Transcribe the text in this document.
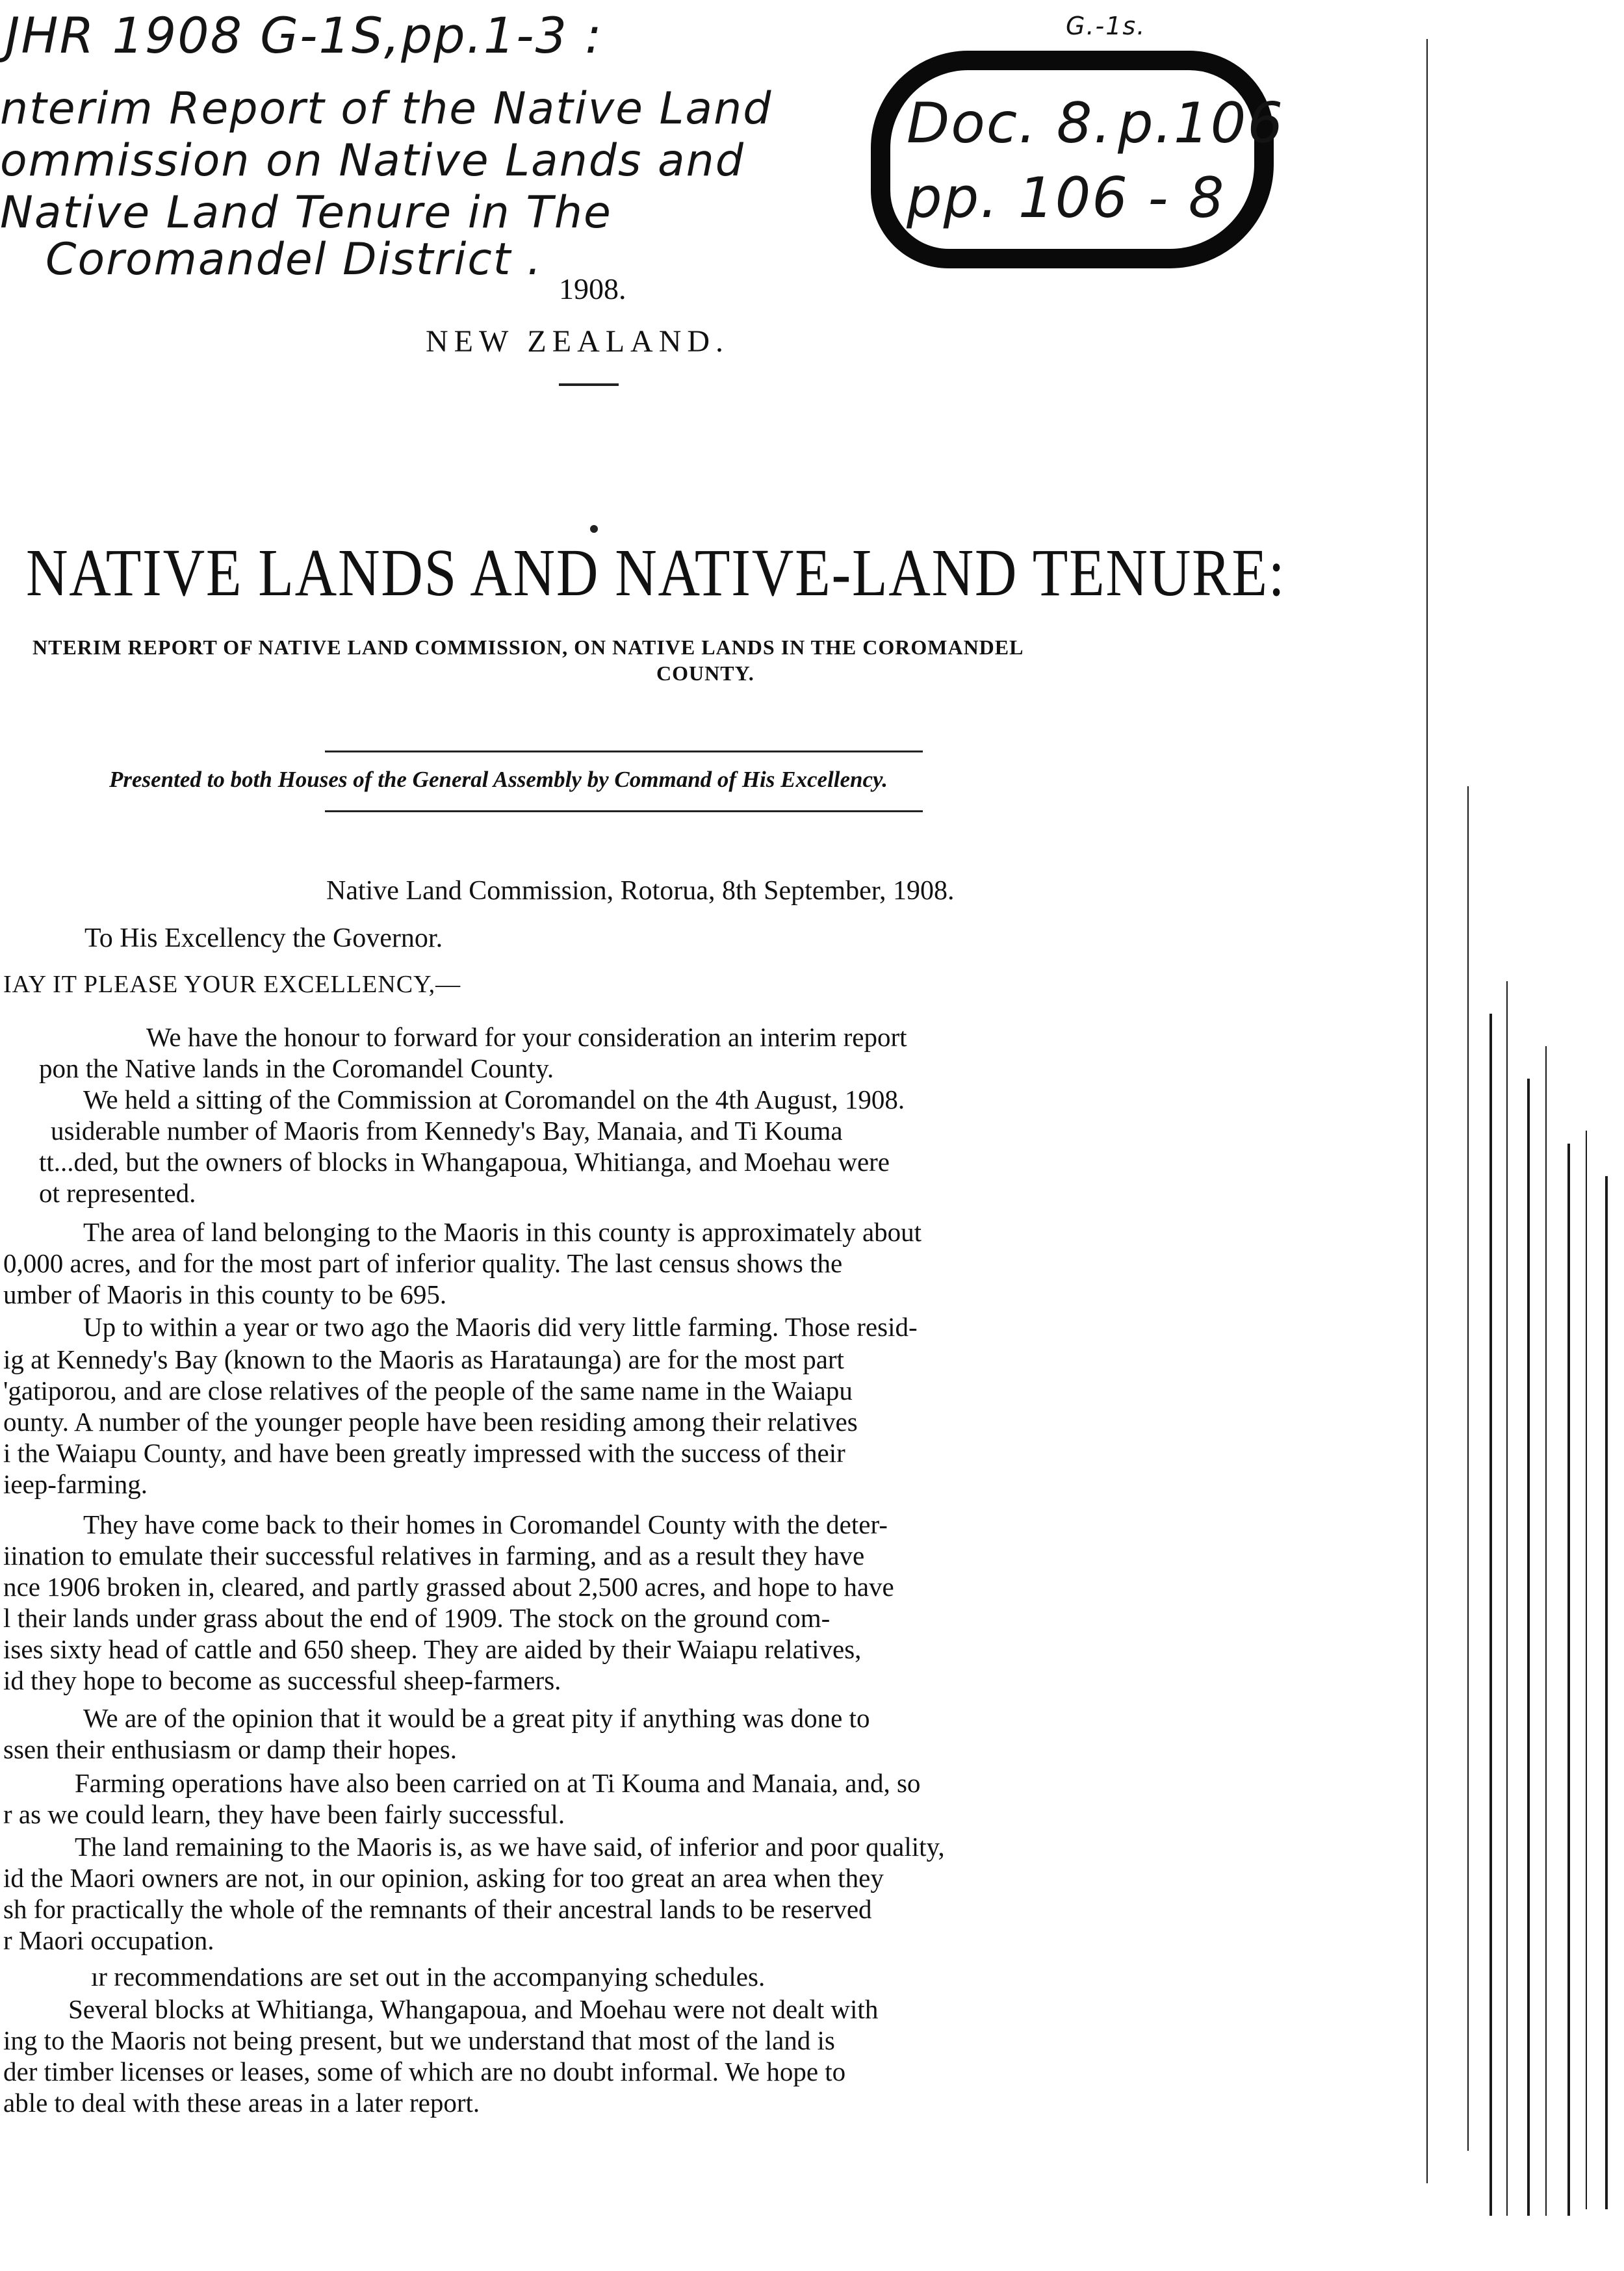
JHR 1908 G-1S,pp.1-3 :	G.-1s.
nterim Report of the Native Land
ommission on Native Lands and
Native Land Tenure in The
Coromandel District .
Doc. 8. p.106
pp. 106 - 8
1908.
NEW ZEALAND.
NATIVE LANDS AND NATIVE-LAND TENURE:
NTERIM REPORT OF NATIVE LAND COMMISSION, ON NATIVE LANDS IN THE COROMANDEL
COUNTY.
Presented to both Houses of the General Assembly by Command of His Excellency.
Native Land Commission, Rotorua, 8th September, 1908.
To His Excellency the Governor.
IAY IT PLEASE YOUR EXCELLENCY,—
We have the honour to forward for your consideration an interim report
pon the Native lands in the Coromandel County.
We held a sitting of the Commission at Coromandel on the 4th August, 1908.
usiderable number of Maoris from Kennedy's Bay, Manaia, and Ti Kouma
tt...ded, but the owners of blocks in Whangapoua, Whitianga, and Moehau were
ot represented.
The area of land belonging to the Maoris in this county is approximately about
0,000 acres, and for the most part of inferior quality. The last census shows the
umber of Maoris in this county to be 695.
Up to within a year or two ago the Maoris did very little farming. Those resid-
ig at Kennedy's Bay (known to the Maoris as Harataunga) are for the most part
'gatiporou, and are close relatives of the people of the same name in the Waiapu
ounty. A number of the younger people have been residing among their relatives
i the Waiapu County, and have been greatly impressed with the success of their
ieep-farming.
They have come back to their homes in Coromandel County with the deter-
iination to emulate their successful relatives in farming, and as a result they have
nce 1906 broken in, cleared, and partly grassed about 2,500 acres, and hope to have
l their lands under grass about the end of 1909. The stock on the ground com-
ises sixty head of cattle and 650 sheep. They are aided by their Waiapu relatives,
id they hope to become as successful sheep-farmers.
We are of the opinion that it would be a great pity if anything was done to
ssen their enthusiasm or damp their hopes.
Farming operations have also been carried on at Ti Kouma and Manaia, and, so
r as we could learn, they have been fairly successful.
The land remaining to the Maoris is, as we have said, of inferior and poor quality,
id the Maori owners are not, in our opinion, asking for too great an area when they
sh for practically the whole of the remnants of their ancestral lands to be reserved
r Maori occupation.
ır recommendations are set out in the accompanying schedules.
Several blocks at Whitianga, Whangapoua, and Moehau were not dealt with
ing to the Maoris not being present, but we understand that most of the land is
der timber licenses or leases, some of which are no doubt informal. We hope to
able to deal with these areas in a later report.
